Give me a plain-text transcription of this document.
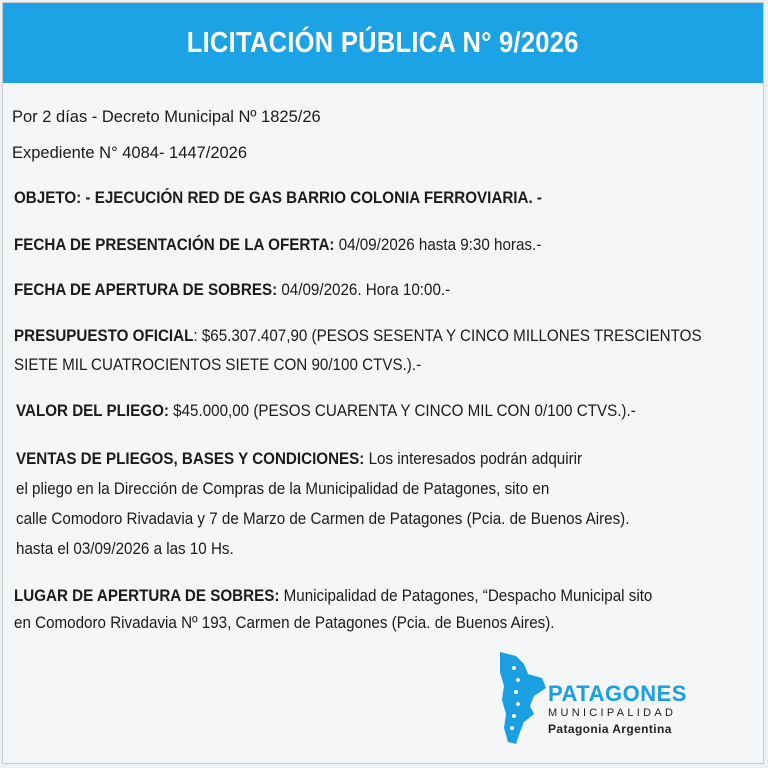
LICITACIÓN PÚBLICA N° 9/2026
Por 2 días - Decreto Municipal Nº 1825/26
Expediente N° 4084- 1447/2026
OBJETO: - EJECUCIÓN RED DE GAS BARRIO COLONIA FERROVIARIA. -
FECHA DE PRESENTACIÓN DE LA OFERTA: 04/09/2026 hasta 9:30 horas.-
FECHA DE APERTURA DE SOBRES: 04/09/2026. Hora 10:00.-
PRESUPUESTO OFICIAL: $65.307.407,90 (PESOS SESENTA Y CINCO MILLONES TRESCIENTOS
SIETE MIL CUATROCIENTOS SIETE CON 90/100 CTVS.).-
VALOR DEL PLIEGO: $45.000,00 (PESOS CUARENTA Y CINCO MIL CON 0/100 CTVS.).-
VENTAS DE PLIEGOS, BASES Y CONDICIONES: Los interesados podrán adquirir
el pliego en la Dirección de Compras de la Municipalidad de Patagones, sito en
calle Comodoro Rivadavia y 7 de Marzo de Carmen de Patagones (Pcia. de Buenos Aires).
hasta el 03/09/2026 a las 10 Hs.
LUGAR DE APERTURA DE SOBRES: Municipalidad de Patagones, “Despacho Municipal sito
en Comodoro Rivadavia Nº 193, Carmen de Patagones (Pcia. de Buenos Aires).
PATAGONES
MUNICIPALIDAD
Patagonia Argentina
